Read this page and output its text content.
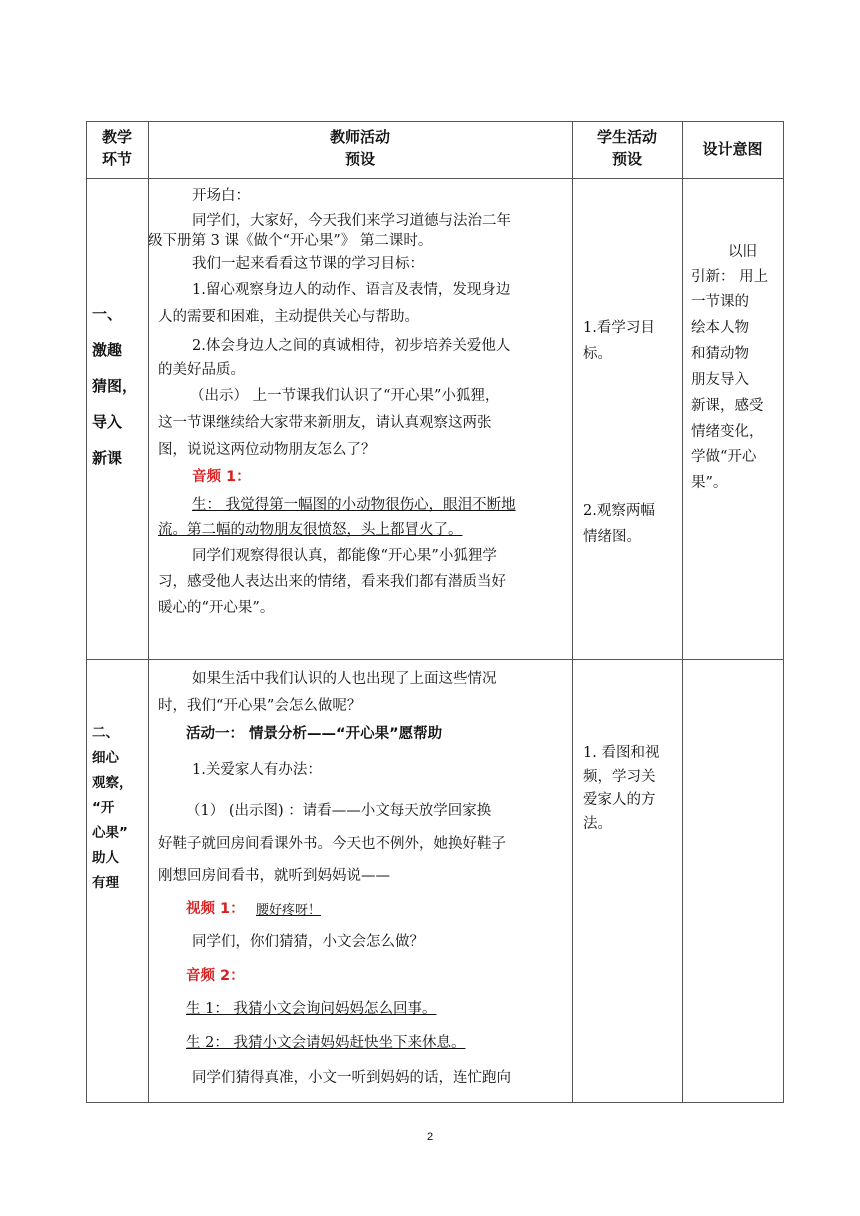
教学
环节
教师活动
预设
学生活动
预设
设计意图
一、
激趣
猜图，
导入
新课
开场白：
同学们，大家好，今天我们来学习道德与法治二年
级下册第 3 课《做个“开心果”》 第二课时。
我们一起来看看这节课的学习目标：
1.留心观察身边人的动作、语言及表情，发现身边
人的需要和困难，主动提供关心与帮助。
2.体会身边人之间的真诚相待，初步培养关爱他人
的美好品质。
（出示） 上一节课我们认识了“开心果”小狐狸，
这一节课继续给大家带来新朋友，请认真观察这两张
图，说说这两位动物朋友怎么了？
音频 1：
生： 我觉得第一幅图的小动物很伤心，眼泪不断地
流。第二幅的动物朋友很愤怒，头上都冒火了。
同学们观察得很认真，都能像“开心果”小狐狸学
习，感受他人表达出来的情绪，看来我们都有潜质当好
暖心的“开心果”。
1.看学习目
标。
2.观察两幅
情绪图。
以旧
引新： 用上
一节课的
绘本人物
和猜动物
朋友导入
新课，感受
情绪变化，
学做“开心
果”。
二、
细心
观察，
“开
心果”
助人
有理
如果生活中我们认识的人也出现了上面这些情况
时，我们“开心果”会怎么做呢？
活动一： 情景分析——“开心果”愿帮助
1.关爱家人有办法：
（1） (出示图) ：请看——小文每天放学回家换
好鞋子就回房间看课外书。今天也不例外，她换好鞋子
刚想回房间看书，就听到妈妈说——
视频 1： 腰好疼呀！
同学们，你们猜猜，小文会怎么做？
音频 2：
生 1： 我猜小文会询问妈妈怎么回事。
生 2： 我猜小文会请妈妈赶快坐下来休息。
同学们猜得真准，小文一听到妈妈的话，连忙跑向
1. 看图和视
频，学习关
爱家人的方
法。
2
